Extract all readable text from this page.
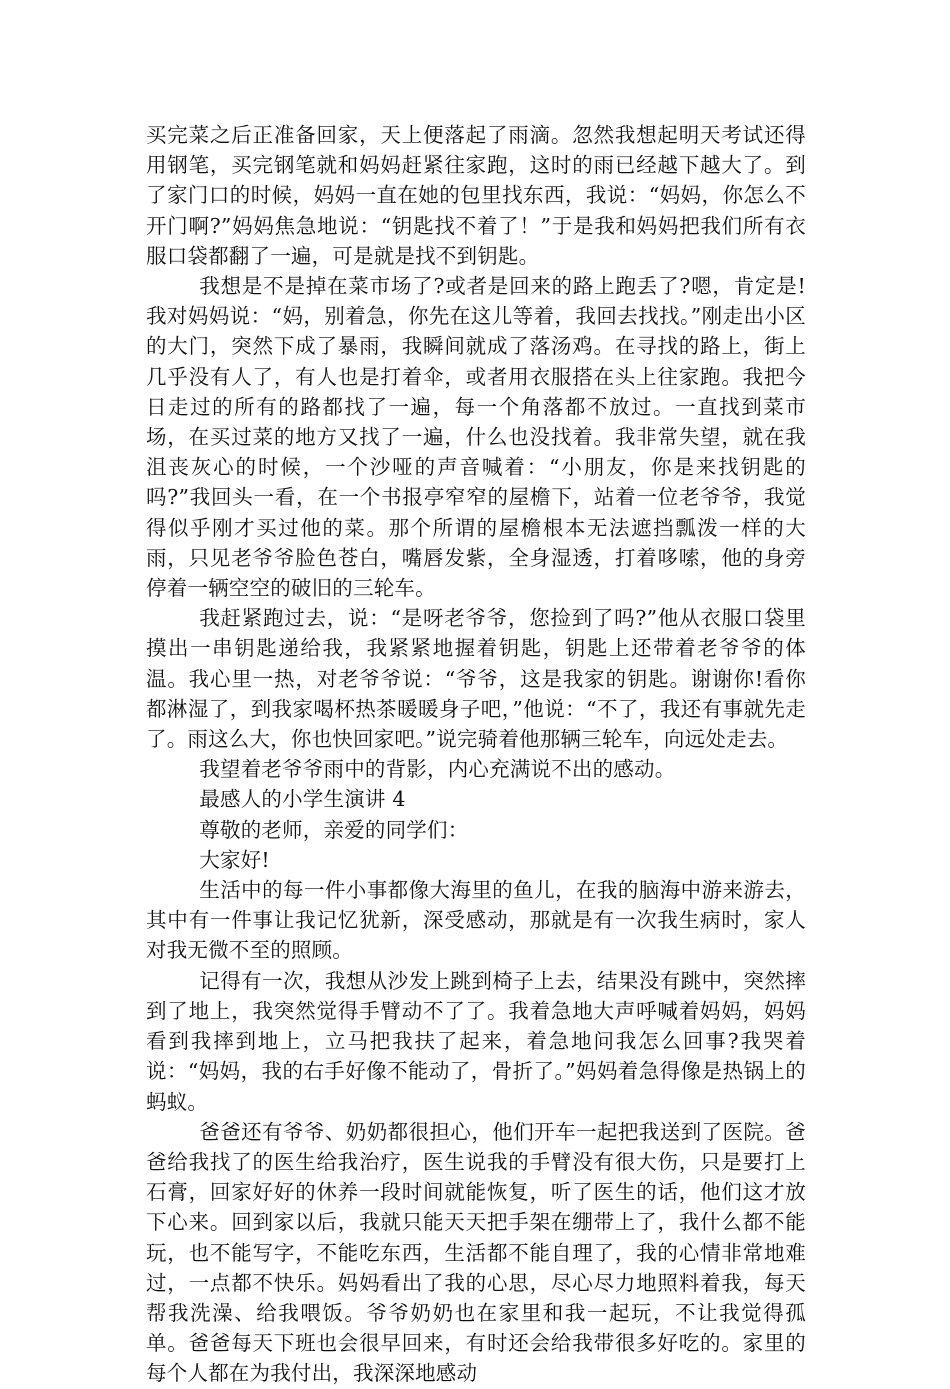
买完菜之后正准备回家，天上便落起了雨滴。忽然我想起明天考试还得用钢笔，买完钢笔就和妈妈赶紧往家跑，这时的雨已经越下越大了。到了家门口的时候，妈妈一直在她的包里找东西，我说：“妈妈，你怎么不开门啊?”妈妈焦急地说：“钥匙找不着了！”于是我和妈妈把我们所有衣服口袋都翻了一遍，可是就是找不到钥匙。

我想是不是掉在菜市场了?或者是回来的路上跑丢了?嗯，肯定是!我对妈妈说：“妈，别着急，你先在这儿等着，我回去找找。”刚走出小区的大门，突然下成了暴雨，我瞬间就成了落汤鸡。在寻找的路上，街上几乎没有人了，有人也是打着伞，或者用衣服搭在头上往家跑。我把今日走过的所有的路都找了一遍，每一个角落都不放过。一直找到菜市场，在买过菜的地方又找了一遍，什么也没找着。我非常失望，就在我沮丧灰心的时候，一个沙哑的声音喊着：“小朋友，你是来找钥匙的吗?”我回头一看，在一个书报亭窄窄的屋檐下，站着一位老爷爷，我觉得似乎刚才买过他的菜。那个所谓的屋檐根本无法遮挡瓢泼一样的大雨，只见老爷爷脸色苍白，嘴唇发紫，全身湿透，打着哆嗦，他的身旁停着一辆空空的破旧的三轮车。

我赶紧跑过去，说：“是呀老爷爷，您捡到了吗?”他从衣服口袋里摸出一串钥匙递给我，我紧紧地握着钥匙，钥匙上还带着老爷爷的体温。我心里一热，对老爷爷说：“爷爷，这是我家的钥匙。谢谢你!看你都淋湿了，到我家喝杯热茶暖暖身子吧，”他说：“不了，我还有事就先走了。雨这么大，你也快回家吧。”说完骑着他那辆三轮车，向远处走去。

我望着老爷爷雨中的背影，内心充满说不出的感动。

最感人的小学生演讲 4

尊敬的老师，亲爱的同学们：

大家好!

生活中的每一件小事都像大海里的鱼儿，在我的脑海中游来游去，其中有一件事让我记忆犹新，深受感动，那就是有一次我生病时，家人对我无微不至的照顾。

记得有一次，我想从沙发上跳到椅子上去，结果没有跳中，突然摔到了地上，我突然觉得手臂动不了了。我着急地大声呼喊着妈妈，妈妈看到我摔到地上，立马把我扶了起来，着急地问我怎么回事?我哭着说：“妈妈，我的右手好像不能动了，骨折了。”妈妈着急得像是热锅上的蚂蚁。

爸爸还有爷爷、奶奶都很担心，他们开车一起把我送到了医院。爸爸给我找了的医生给我治疗，医生说我的手臂没有很大伤，只是要打上石膏，回家好好的休养一段时间就能恢复，听了医生的话，他们这才放下心来。回到家以后，我就只能天天把手架在绷带上了，我什么都不能玩，也不能写字，不能吃东西，生活都不能自理了，我的心情非常地难过，一点都不快乐。妈妈看出了我的心思，尽心尽力地照料着我，每天帮我洗澡、给我喂饭。爷爷奶奶也在家里和我一起玩，不让我觉得孤单。爸爸每天下班也会很早回来，有时还会给我带很多好吃的。家里的每个人都在为我付出，我深深地感动
